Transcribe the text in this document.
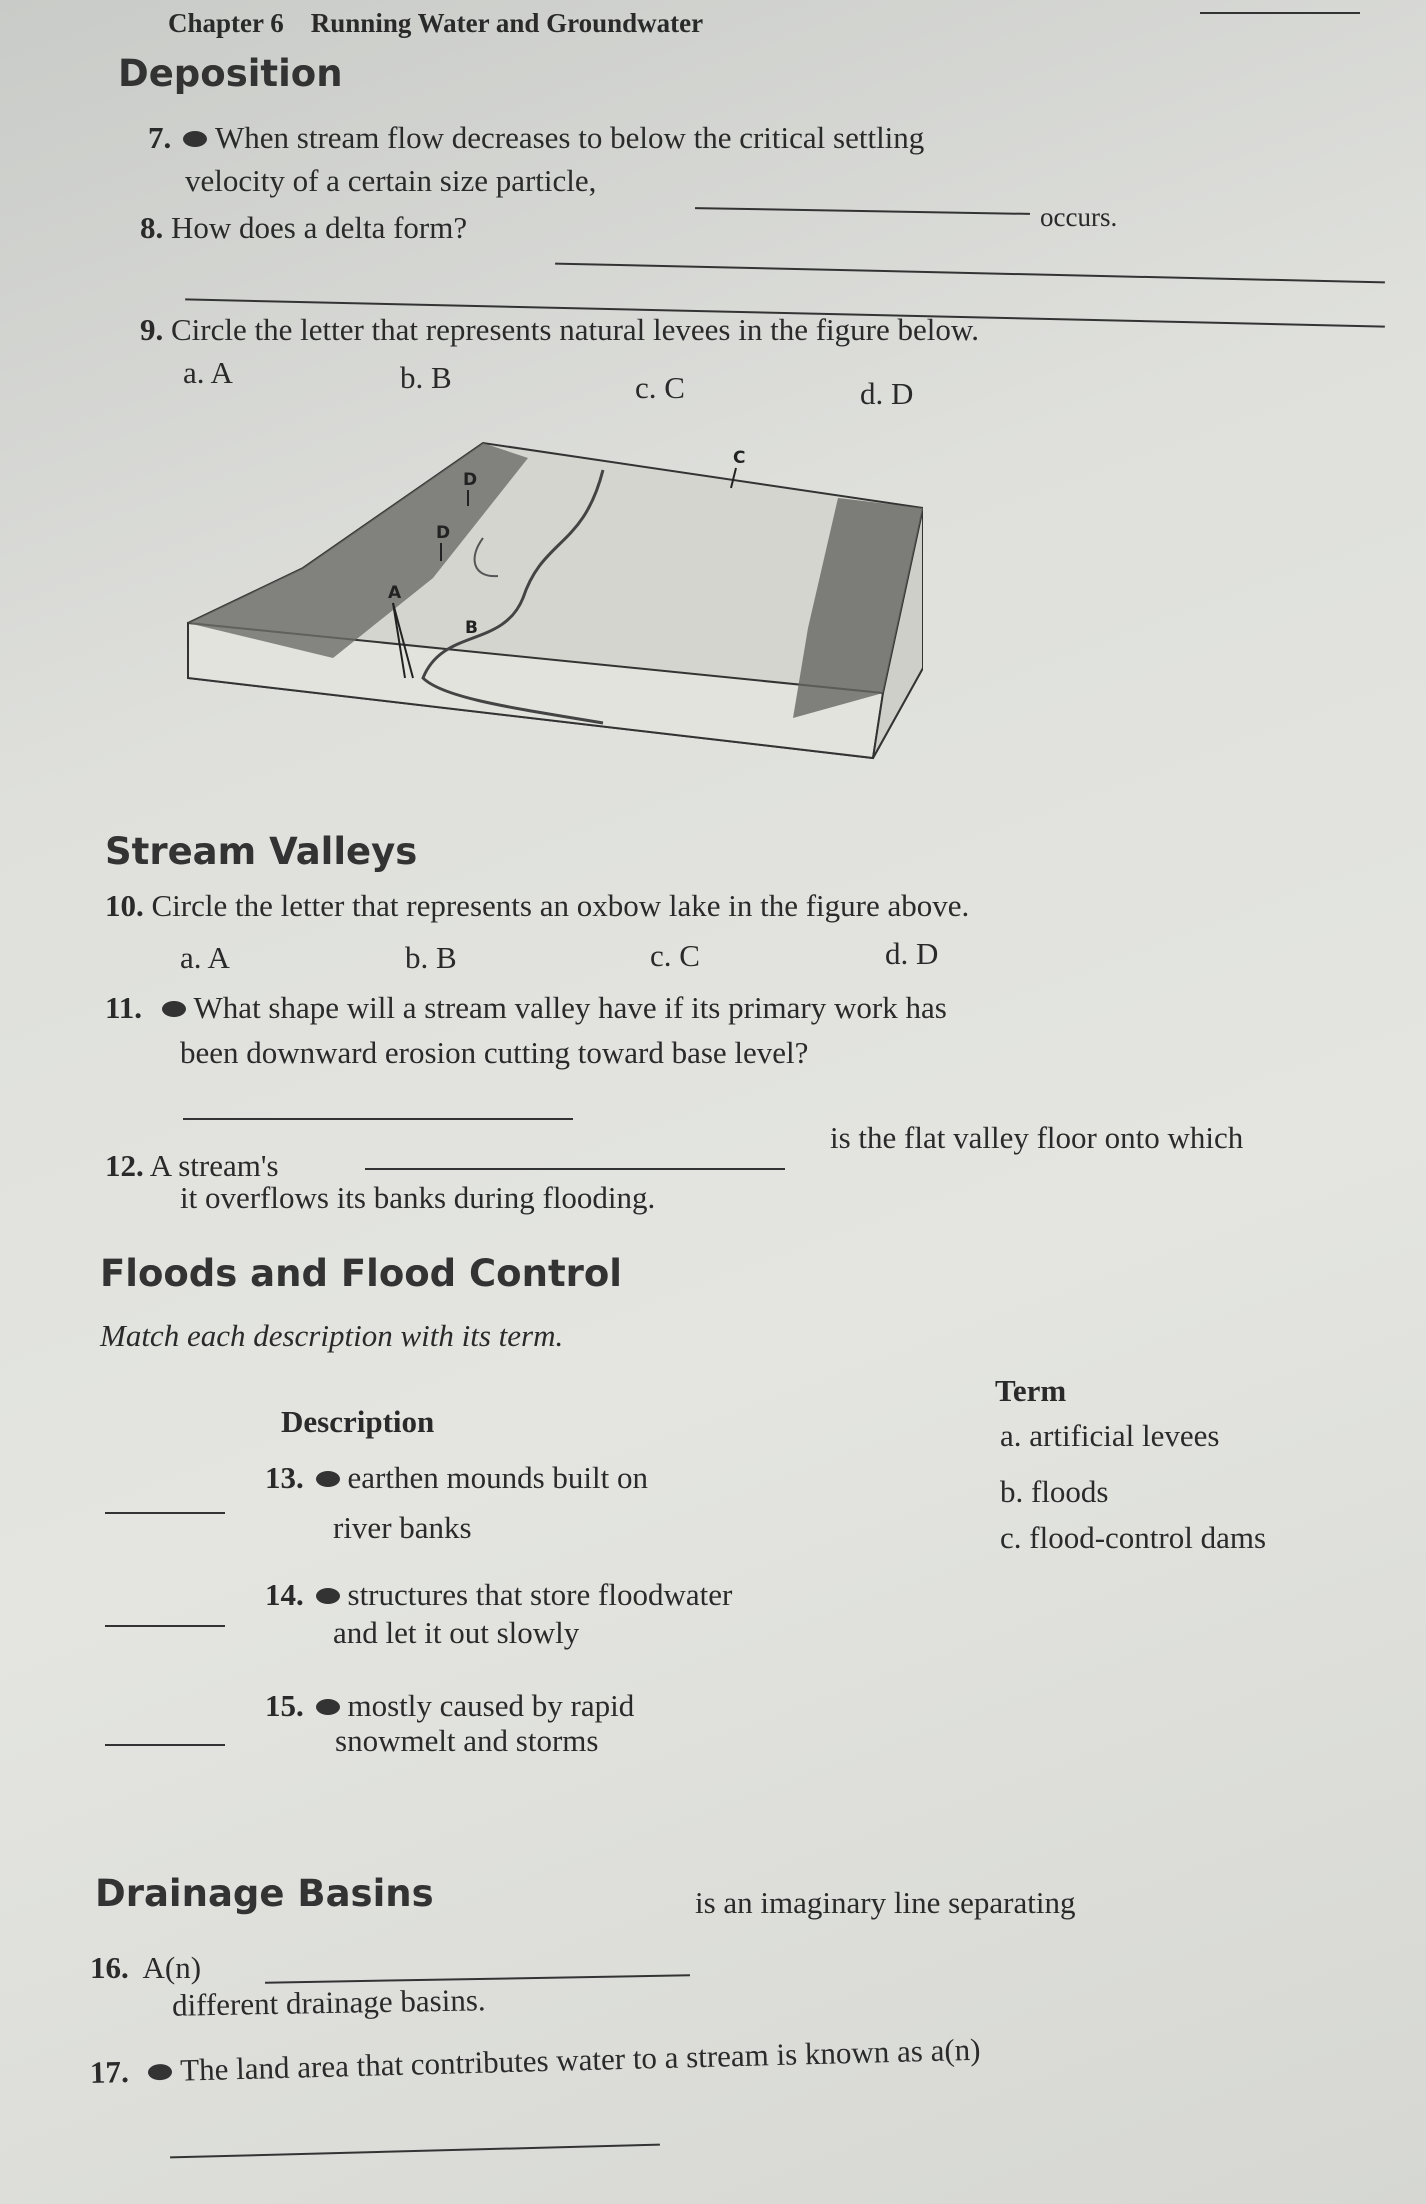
Chapter 6 Running Water and Groundwater
Deposition
7. When stream flow decreases to below the critical settling
velocity of a certain size particle,
occurs.
8. How does a delta form?
9. Circle the letter that represents natural levees in the figure below.
a. A	b. B	c. C	d. D
A
B
C
D
D
Stream Valleys
10. Circle the letter that represents an oxbow lake in the figure above.
a. A	b. B	c. C	d. D
11. What shape will a stream valley have if its primary work has
been downward erosion cutting toward base level?
12. A stream's
is the flat valley floor onto which
it overflows its banks during flooding.
Floods and Flood Control
Match each description with its term.
Term
Description
13. earthen mounds built on
river banks
14. structures that store floodwater
and let it out slowly
15. mostly caused by rapid
snowmelt and storms
a. artificial levees
b. floods
c. flood-control dams
Drainage Basins
16. A(n)
is an imaginary line separating
different drainage basins.
17. The land area that contributes water to a stream is known as a(n)
